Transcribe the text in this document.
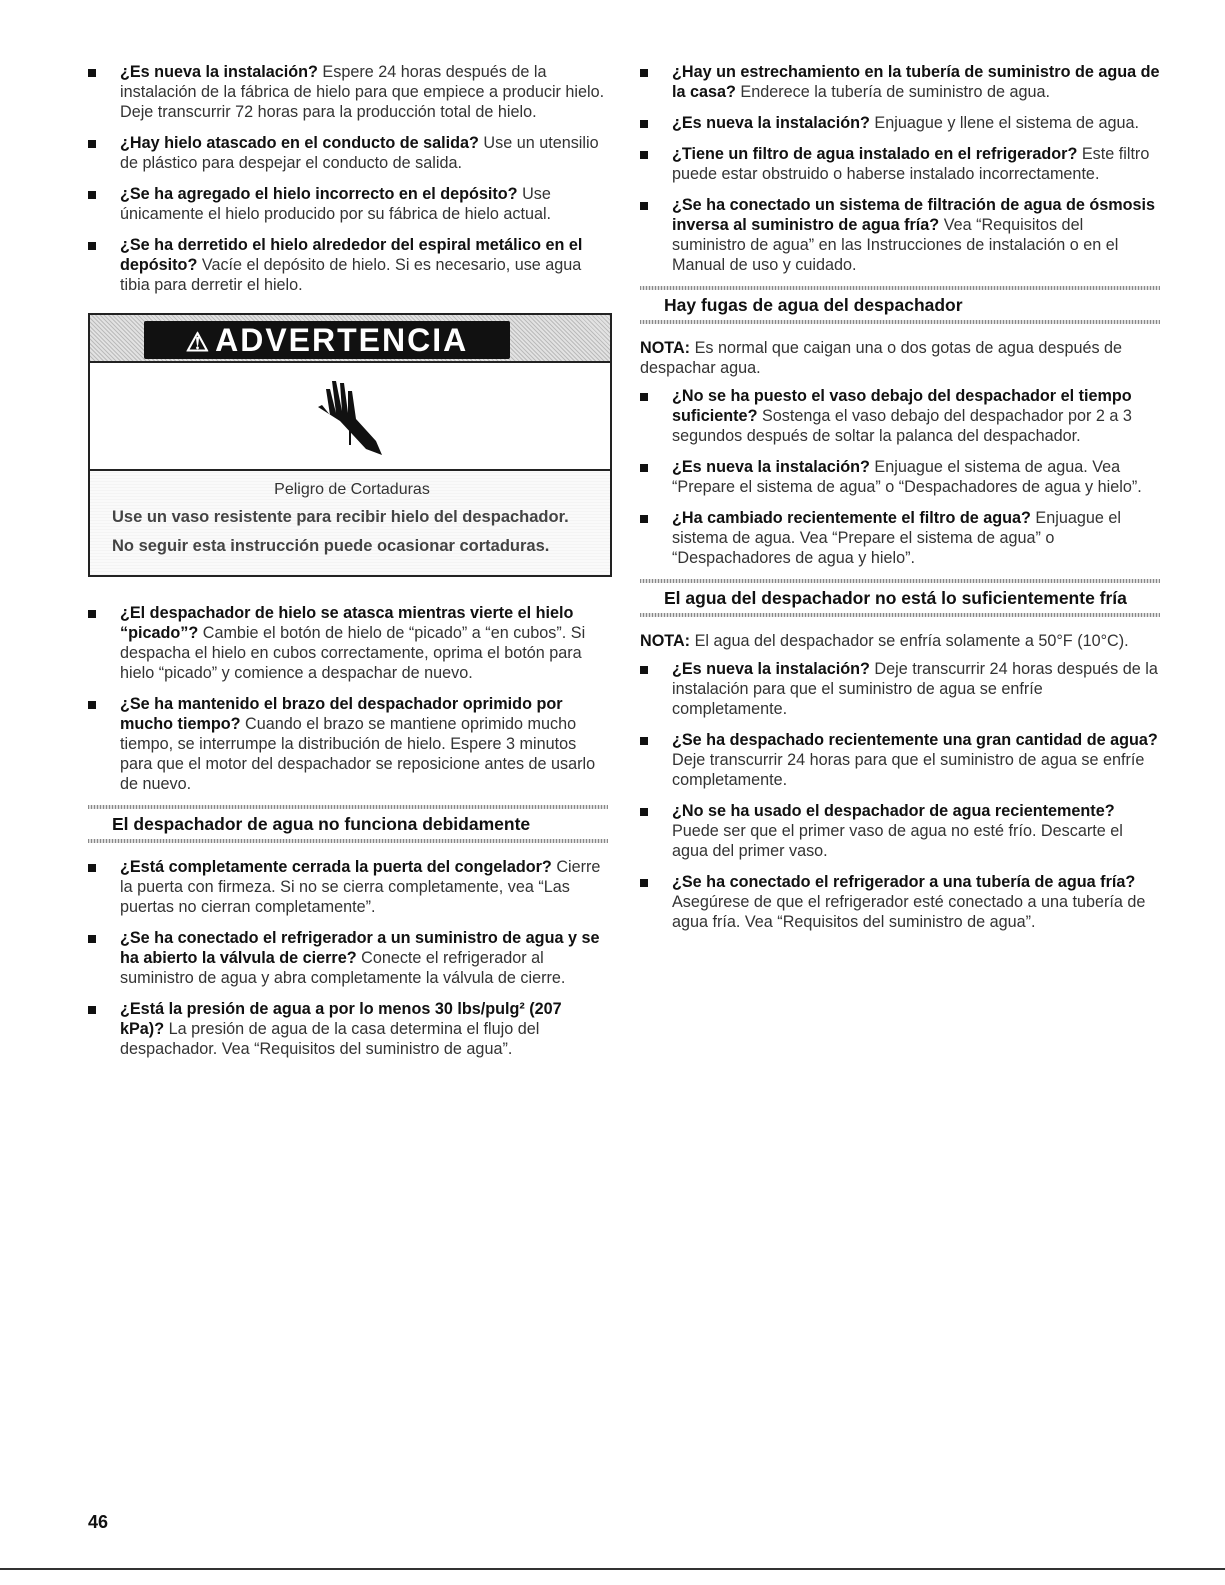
¿Es nueva la instalación? Espere 24 horas después de la instalación de la fábrica de hielo para que empiece a producir hielo. Deje transcurrir 72 horas para la producción total de hielo.
¿Hay hielo atascado en el conducto de salida? Use un utensilio de plástico para despejar el conducto de salida.
¿Se ha agregado el hielo incorrecto en el depósito? Use únicamente el hielo producido por su fábrica de hielo actual.
¿Se ha derretido el hielo alrededor del espiral metálico en el depósito? Vacíe el depósito de hielo. Si es necesario, use agua tibia para derretir el hielo.
⚠ ADVERTENCIA
Peligro de Cortaduras

Use un vaso resistente para recibir hielo del despachador.

No seguir esta instrucción puede ocasionar cortaduras.

¿El despachador de hielo se atasca mientras vierte el hielo “picado”? Cambie el botón de hielo de “picado” a “en cubos”. Si despacha el hielo en cubos correctamente, oprima el botón para hielo “picado” y comience a despachar de nuevo.
¿Se ha mantenido el brazo del despachador oprimido por mucho tiempo? Cuando el brazo se mantiene oprimido mucho tiempo, se interrumpe la distribución de hielo. Espere 3 minutos para que el motor del despachador se reposicione antes de usarlo de nuevo.
El despachador de agua no funciona debidamente
¿Está completamente cerrada la puerta del congelador? Cierre la puerta con firmeza. Si no se cierra completamente, vea “Las puertas no cierran completamente”.
¿Se ha conectado el refrigerador a un suministro de agua y se ha abierto la válvula de cierre? Conecte el refrigerador al suministro de agua y abra completamente la válvula de cierre.
¿Está la presión de agua a por lo menos 30 lbs/pulg² (207 kPa)? La presión de agua de la casa determina el flujo del despachador. Vea “Requisitos del suministro de agua”.
¿Hay un estrechamiento en la tubería de suministro de agua de la casa? Enderece la tubería de suministro de agua.
¿Es nueva la instalación? Enjuague y llene el sistema de agua.
¿Tiene un filtro de agua instalado en el refrigerador? Este filtro puede estar obstruido o haberse instalado incorrectamente.
¿Se ha conectado un sistema de filtración de agua de ósmosis inversa al suministro de agua fría? Vea “Requisitos del suministro de agua” en las Instrucciones de instalación o en el Manual de uso y cuidado.
Hay fugas de agua del despachador

NOTA: Es normal que caigan una o dos gotas de agua después de despachar agua.

¿No se ha puesto el vaso debajo del despachador el tiempo suficiente? Sostenga el vaso debajo del despachador por 2 a 3 segundos después de soltar la palanca del despachador.
¿Es nueva la instalación? Enjuague el sistema de agua. Vea “Prepare el sistema de agua” o “Despachadores de agua y hielo”.
¿Ha cambiado recientemente el filtro de agua? Enjuague el sistema de agua. Vea “Prepare el sistema de agua” o “Despachadores de agua y hielo”.
El agua del despachador no está lo suficientemente fría

NOTA: El agua del despachador se enfría solamente a 50°F (10°C).

¿Es nueva la instalación? Deje transcurrir 24 horas después de la instalación para que el suministro de agua se enfríe completamente.
¿Se ha despachado recientemente una gran cantidad de agua? Deje transcurrir 24 horas para que el suministro de agua se enfríe completamente.
¿No se ha usado el despachador de agua recientemente? Puede ser que el primer vaso de agua no esté frío. Descarte el agua del primer vaso.
¿Se ha conectado el refrigerador a una tubería de agua fría? Asegúrese de que el refrigerador esté conectado a una tubería de agua fría. Vea “Requisitos del suministro de agua”.
46
